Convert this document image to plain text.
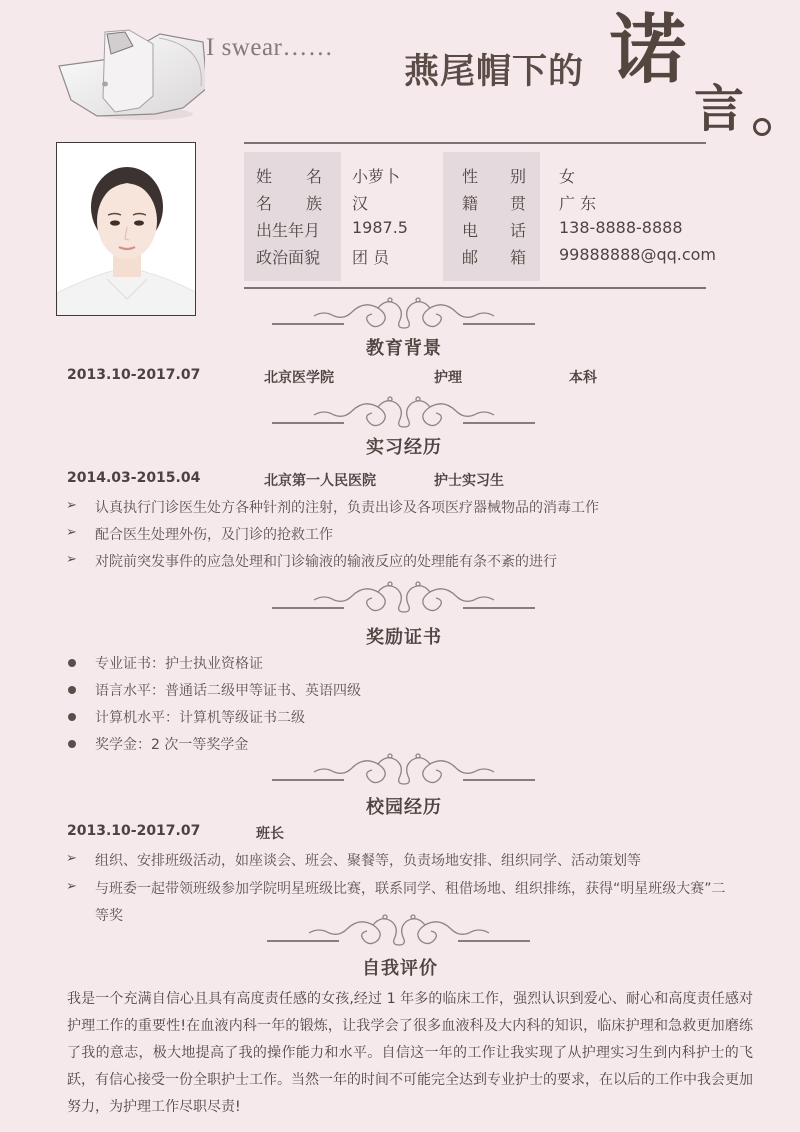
I swear……
燕尾帽下的 诺
言
姓 名 小萝卜
名 族 汉
出生年月 1987.5
政治面貌 团 员
性 别 女
籍 贯 广 东
电 话 138-8888-8888
邮 箱 99888888@qq.com
教育背景
2013.10-2017.07	北京医学院	护理	本科
实习经历
2014.03-2015.04	北京第一人民医院	护士实习生
➢ 认真执行门诊医生处方各种针剂的注射，负责出诊及各项医疗器械物品的消毒工作
➢ 配合医生处理外伤，及门诊的抢救工作
➢ 对院前突发事件的应急处理和门诊输液的输液反应的处理能有条不紊的进行
奖励证书
专业证书：护士执业资格证
语言水平：普通话二级甲等证书、英语四级
计算机水平：计算机等级证书二级
奖学金：2 次一等奖学金
校园经历
2013.10-2017.07	班长
➢ 组织、安排班级活动，如座谈会、班会、聚餐等，负责场地安排、组织同学、活动策划等
➢ 与班委一起带领班级参加学院明星班级比赛，联系同学、租借场地、组织排练，获得“明星班级大赛”二
等奖
自我评价
我是一个充满自信心且具有高度责任感的女孩,经过 1 年多的临床工作，强烈认识到爱心、耐心和高度责任感对护理工作的重要性!在血液内科一年的锻炼，让我学会了很多血液科及大内科的知识，临床护理和急救更加磨练了我的意志，极大地提高了我的操作能力和水平。自信这一年的工作让我实现了从护理实习生到内科护士的飞跃，有信心接受一份全职护士工作。当然一年的时间不可能完全达到专业护士的要求，在以后的工作中我会更加努力，为护理工作尽职尽责!
